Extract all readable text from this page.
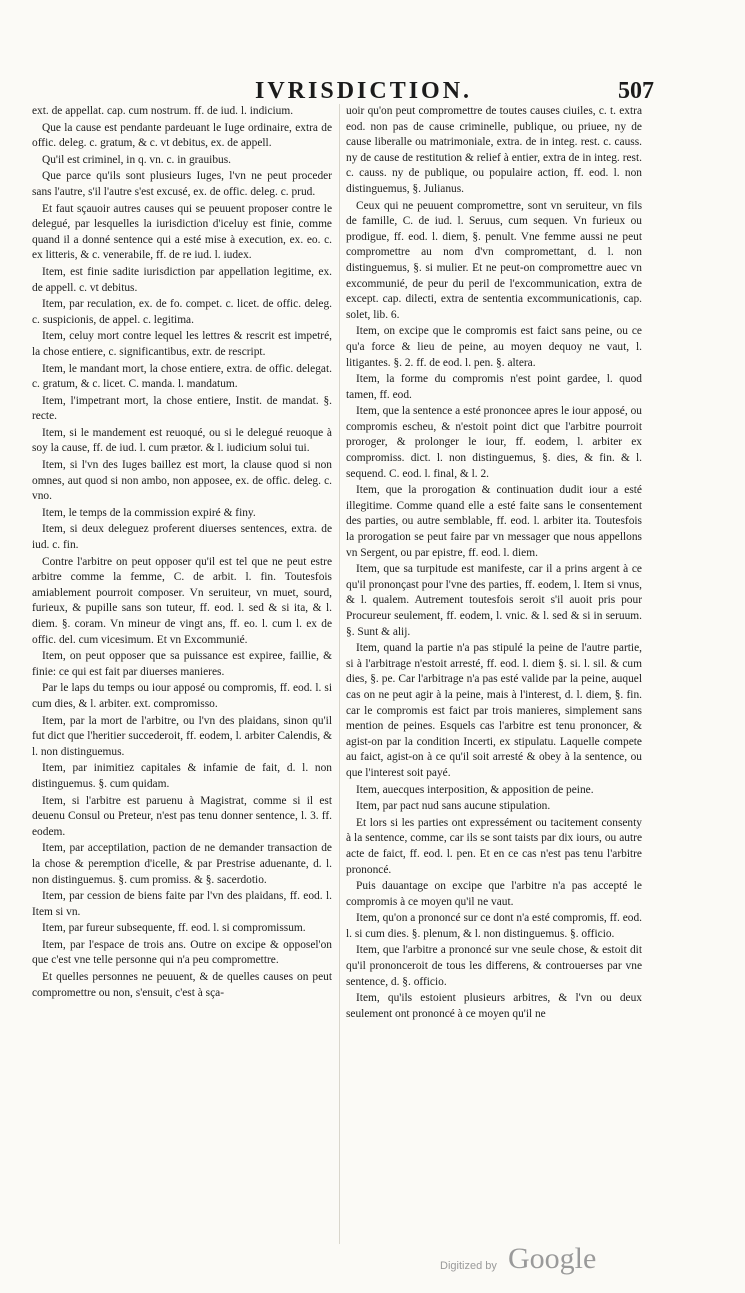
IVRISDICTION.	507

ext. de appellat. cap. cum nostrum. ff. de iud. l. indicium.

Que la cause est pendante pardeuant le Iuge ordinaire, extra de offic. deleg. c. gratum, & c. vt debitus, ex. de appell.

Qu'il est criminel, in q. vn. c. in grauibus.

Que parce qu'ils sont plusieurs Iuges, l'vn ne peut proceder sans l'autre, s'il l'autre s'est excusé, ex. de offic. deleg. c. prud.

Et faut sçauoir autres causes qui se peuuent proposer contre le delegué, par lesquelles la iurisdiction d'iceluy est finie, comme quand il a donné sentence qui a esté mise à execution, ex. eo. c. ex litteris, & c. venerabile, ff. de re iud. l. iudex.

Item, est finie sadite iurisdiction par appellation legitime, ex. de appell. c. vt debitus.

Item, par reculation, ex. de fo. compet. c. licet. de offic. deleg. c. suspicionis, de appel. c. legitima.

Item, celuy mort contre lequel les lettres & rescrit est impetré, la chose entiere, c. significantibus, extr. de rescript.

Item, le mandant mort, la chose entiere, extra. de offic. delegat. c. gratum, & c. licet. C. manda. l. mandatum.

Item, l'impetrant mort, la chose entiere, Instit. de mandat. §. recte.

Item, si le mandement est reuoqué, ou si le delegué reuoque à soy la cause, ff. de iud. l. cum prætor. & l. iudicium solui tui.

Item, si l'vn des Iuges baillez est mort, la clause quod si non omnes, aut quod si non ambo, non apposee, ex. de offic. deleg. c. vno.

Item, le temps de la commission expiré & finy.

Item, si deux deleguez proferent diuerses sentences, extra. de iud. c. fin.

Contre l'arbitre on peut opposer qu'il est tel que ne peut estre arbitre comme la femme, C. de arbit. l. fin. Toutesfois amiablement pourroit composer. Vn seruiteur, vn muet, sourd, furieux, & pupille sans son tuteur, ff. eod. l. sed & si ita, & l. diem. §. coram. Vn mineur de vingt ans, ff. eo. l. cum l. ex de offic. del. cum vicesimum. Et vn Excommunié.

Item, on peut opposer que sa puissance est expiree, faillie, & finie: ce qui est fait par diuerses manieres.

Par le laps du temps ou iour apposé ou compromis, ff. eod. l. si cum dies, & l. arbiter. ext. compromisso.

Item, par la mort de l'arbitre, ou l'vn des plaidans, sinon qu'il fut dict que l'heritier succederoit, ff. eodem, l. arbiter Calendis, & l. non distinguemus.

Item, par inimitiez capitales & infamie de fait, d. l. non distinguemus. §. cum quidam.

Item, si l'arbitre est paruenu à Magistrat, comme si il est deuenu Consul ou Preteur, n'est pas tenu donner sentence, l. 3. ff. eodem.

Item, par acceptilation, paction de ne demander transaction de la chose & peremption d'icelle, & par Prestrise aduenante, d. l. non distinguemus. §. cum promiss. & §. sacerdotio.

Item, par cession de biens faite par l'vn des plaidans, ff. eod. l. Item si vn.

Item, par fureur subsequente, ff. eod. l. si compromissum.

Item, par l'espace de trois ans. Outre on excipe & opposel'on que c'est vne telle personne qui n'a peu compromettre.

Et quelles personnes ne peuuent, & de quelles causes on peut compromettre ou non, s'ensuit, c'est à sça-

uoir qu'on peut compromettre de toutes causes ciuiles, c. t. extra eod. non pas de cause criminelle, publique, ou priuee, ny de cause liberalle ou matrimoniale, extra. de in integ. rest. c. causs. ny de cause de restitution & relief à entier, extra de in integ. rest. c. causs. ny de publique, ou populaire action, ff. eod. l. non distinguemus, §. Julianus.

Ceux qui ne peuuent compromettre, sont vn seruiteur, vn fils de famille, C. de iud. l. Seruus, cum sequen. Vn furieux ou prodigue, ff. eod. l. diem, §. penult. Vne femme aussi ne peut compromettre au nom d'vn compromettant, d. l. non distinguemus, §. si mulier. Et ne peut-on compromettre auec vn excommunié, de peur du peril de l'excommunication, extra de except. cap. dilecti, extra de sententia excommunicationis, cap. solet, lib. 6.

Item, on excipe que le compromis est faict sans peine, ou ce qu'a force & lieu de peine, au moyen dequoy ne vaut, l. litigantes. §. 2. ff. de eod. l. pen. §. altera.

Item, la forme du compromis n'est point gardee, l. quod tamen, ff. eod.

Item, que la sentence a esté prononcee apres le iour apposé, ou compromis escheu, & n'estoit point dict que l'arbitre pourroit proroger, & prolonger le iour, ff. eodem, l. arbiter ex compromiss. dict. l. non distinguemus, §. dies, & fin. & l. sequend. C. eod. l. final, & l. 2.

Item, que la prorogation & continuation dudit iour a esté illegitime. Comme quand elle a esté faite sans le consentement des parties, ou autre semblable, ff. eod. l. arbiter ita. Toutesfois la prorogation se peut faire par vn messager que nous appellons vn Sergent, ou par epistre, ff. eod. l. diem.

Item, que sa turpitude est manifeste, car il a prins argent à ce qu'il prononçast pour l'vne des parties, ff. eodem, l. Item si vnus, & l. qualem. Autrement toutesfois seroit s'il auoit pris pour Procureur seulement, ff. eodem, l. vnic. & l. sed & si in seruum. §. Sunt & alij.

Item, quand la partie n'a pas stipulé la peine de l'autre partie, si à l'arbitrage n'estoit arresté, ff. eod. l. diem §. si. l. sil. & cum dies, §. pe. Car l'arbitrage n'a pas esté valide par la peine, auquel cas on ne peut agir à la peine, mais à l'interest, d. l. diem, §. fin. car le compromis est faict par trois manieres, simplement sans mention de peines. Esquels cas l'arbitre est tenu prononcer, & agist-on par la condition Incerti, ex stipulatu. Laquelle compete au faict, agist-on à ce qu'il soit arresté & obey à la sentence, ou que l'interest soit payé.

Item, auecques interposition, & apposition de peine.

Item, par pact nud sans aucune stipulation.

Et lors si les parties ont expressément ou tacitement consenty à la sentence, comme, car ils se sont taists par dix iours, ou autre acte de faict, ff. eod. l. pen. Et en ce cas n'est pas tenu l'arbitre prononcé.

Puis dauantage on excipe que l'arbitre n'a pas accepté le compromis à ce moyen qu'il ne vaut.

Item, qu'on a prononcé sur ce dont n'a esté compromis, ff. eod. l. si cum dies. §. plenum, & l. non distinguemus. §. officio.

Item, que l'arbitre a prononcé sur vne seule chose, & estoit dit qu'il prononceroit de tous les differens, & controuerses par vne sentence, d. §. officio.

Item, qu'ils estoient plusieurs arbitres, & l'vn ou deux seulement ont prononcé à ce moyen qu'il ne

Digitized by Google
